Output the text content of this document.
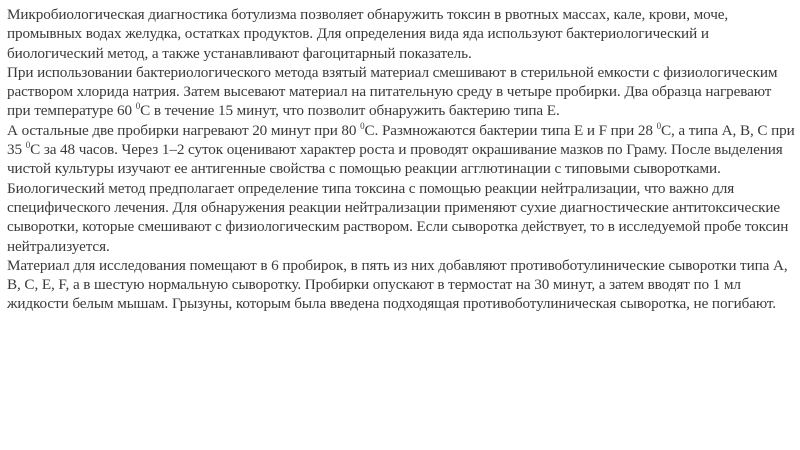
Микробиологическая диагностика ботулизма позволяет обнаружить токсин в рвотных массах, кале, крови, моче, промывных водах желудка, остатках продуктов. Для определения вида яда используют бактериологический и биологический метод, а также устанавливают фагоцитарный показатель.

При использовании бактериологического метода взятый материал смешивают в стерильной емкости с физиологическим раствором хлорида натрия. Затем высевают материал на питательную среду в четыре пробирки. Два образца нагревают при температуре 60 $^0$С в течение 15 минут, что позволит обнаружить бактерию типа E.

А остальные две пробирки нагревают 20 минут при 80 $^0$С. Размножаются бактерии типа E и F при 28 $^0$С, а типа А, В, С при 35 $^0$С за 48 часов. Через 1–2 суток оценивают характер роста и проводят окрашивание мазков по Граму. После выделения чистой культуры изучают ее антигенные свойства с помощью реакции агглютинации с типовыми сыворотками.

Биологический метод предполагает определение типа токсина с помощью реакции нейтрализации, что важно для специфического лечения. Для обнаружения реакции нейтрализации применяют сухие диагностические антитоксические сыворотки, которые смешивают с физиологическим раствором. Если сыворотка действует, то в исследуемой пробе токсин нейтрализуется.

Материал для исследования помещают в 6 пробирок, в пять из них добавляют противоботулинические сыворотки типа А, В, С, Е, F, а в шестую нормальную сыворотку. Пробирки опускают в термостат на 30 минут, а затем вводят по 1 мл жидкости белым мышам. Грызуны, которым была введена подходящая противоботулиническая сыворотка, не погибают.
